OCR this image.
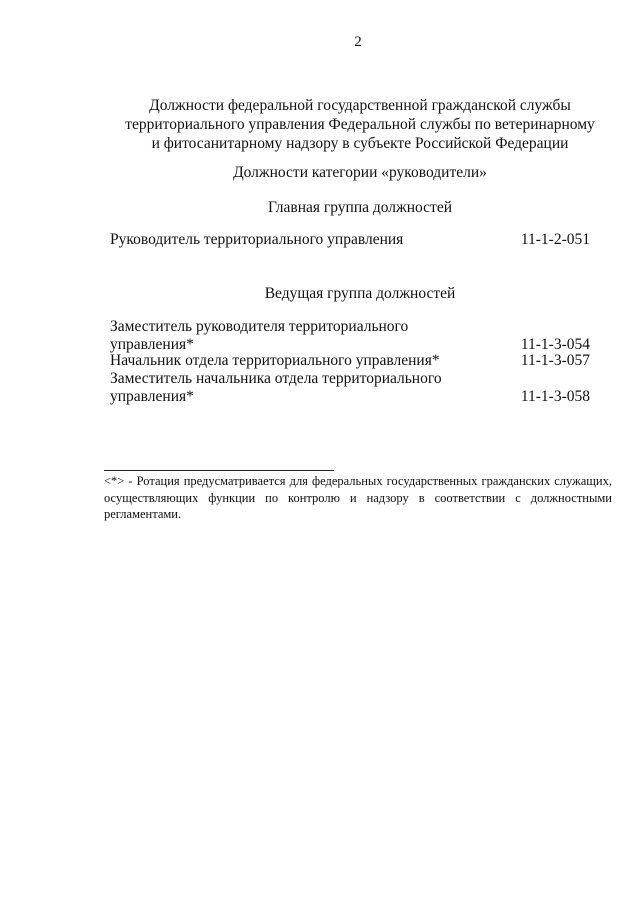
2
Должности федеральной государственной гражданской службы
территориального управления Федеральной службы по ветеринарному
и фитосанитарному надзору в субъекте Российской Федерации
Должности категории «руководители»
Главная группа должностей
Руководитель территориального управления	11-1-2-051
Ведущая группа должностей
Заместитель руководителя территориального
управления*	11-1-3-054
Начальник отдела территориального управления*	11-1-3-057
Заместитель начальника отдела территориального
управления*	11-1-3-058
<*> - Ротация предусматривается для федеральных государственных гражданских служащих, осуществляющих функции по контролю и надзору в соответствии с должностными регламентами.
